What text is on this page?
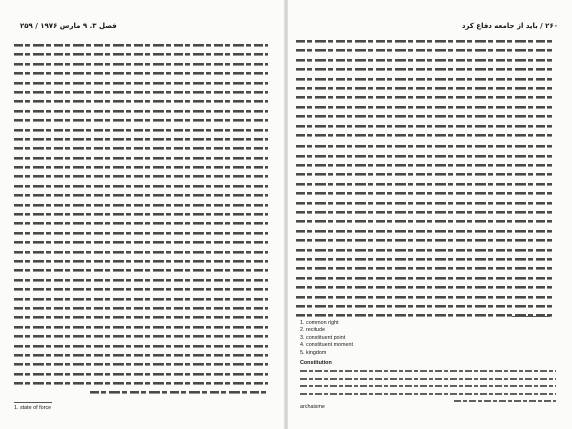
فصل ۳. ۹ مارس ۱۹۷۶ / ۲۵۹
1. state of force
۲۶۰ / باید از جامعه دفاع کرد
1. common right
2. recitude
3. constituent point
4. constituent moment
5. kingdom
Constitution
archaisme
